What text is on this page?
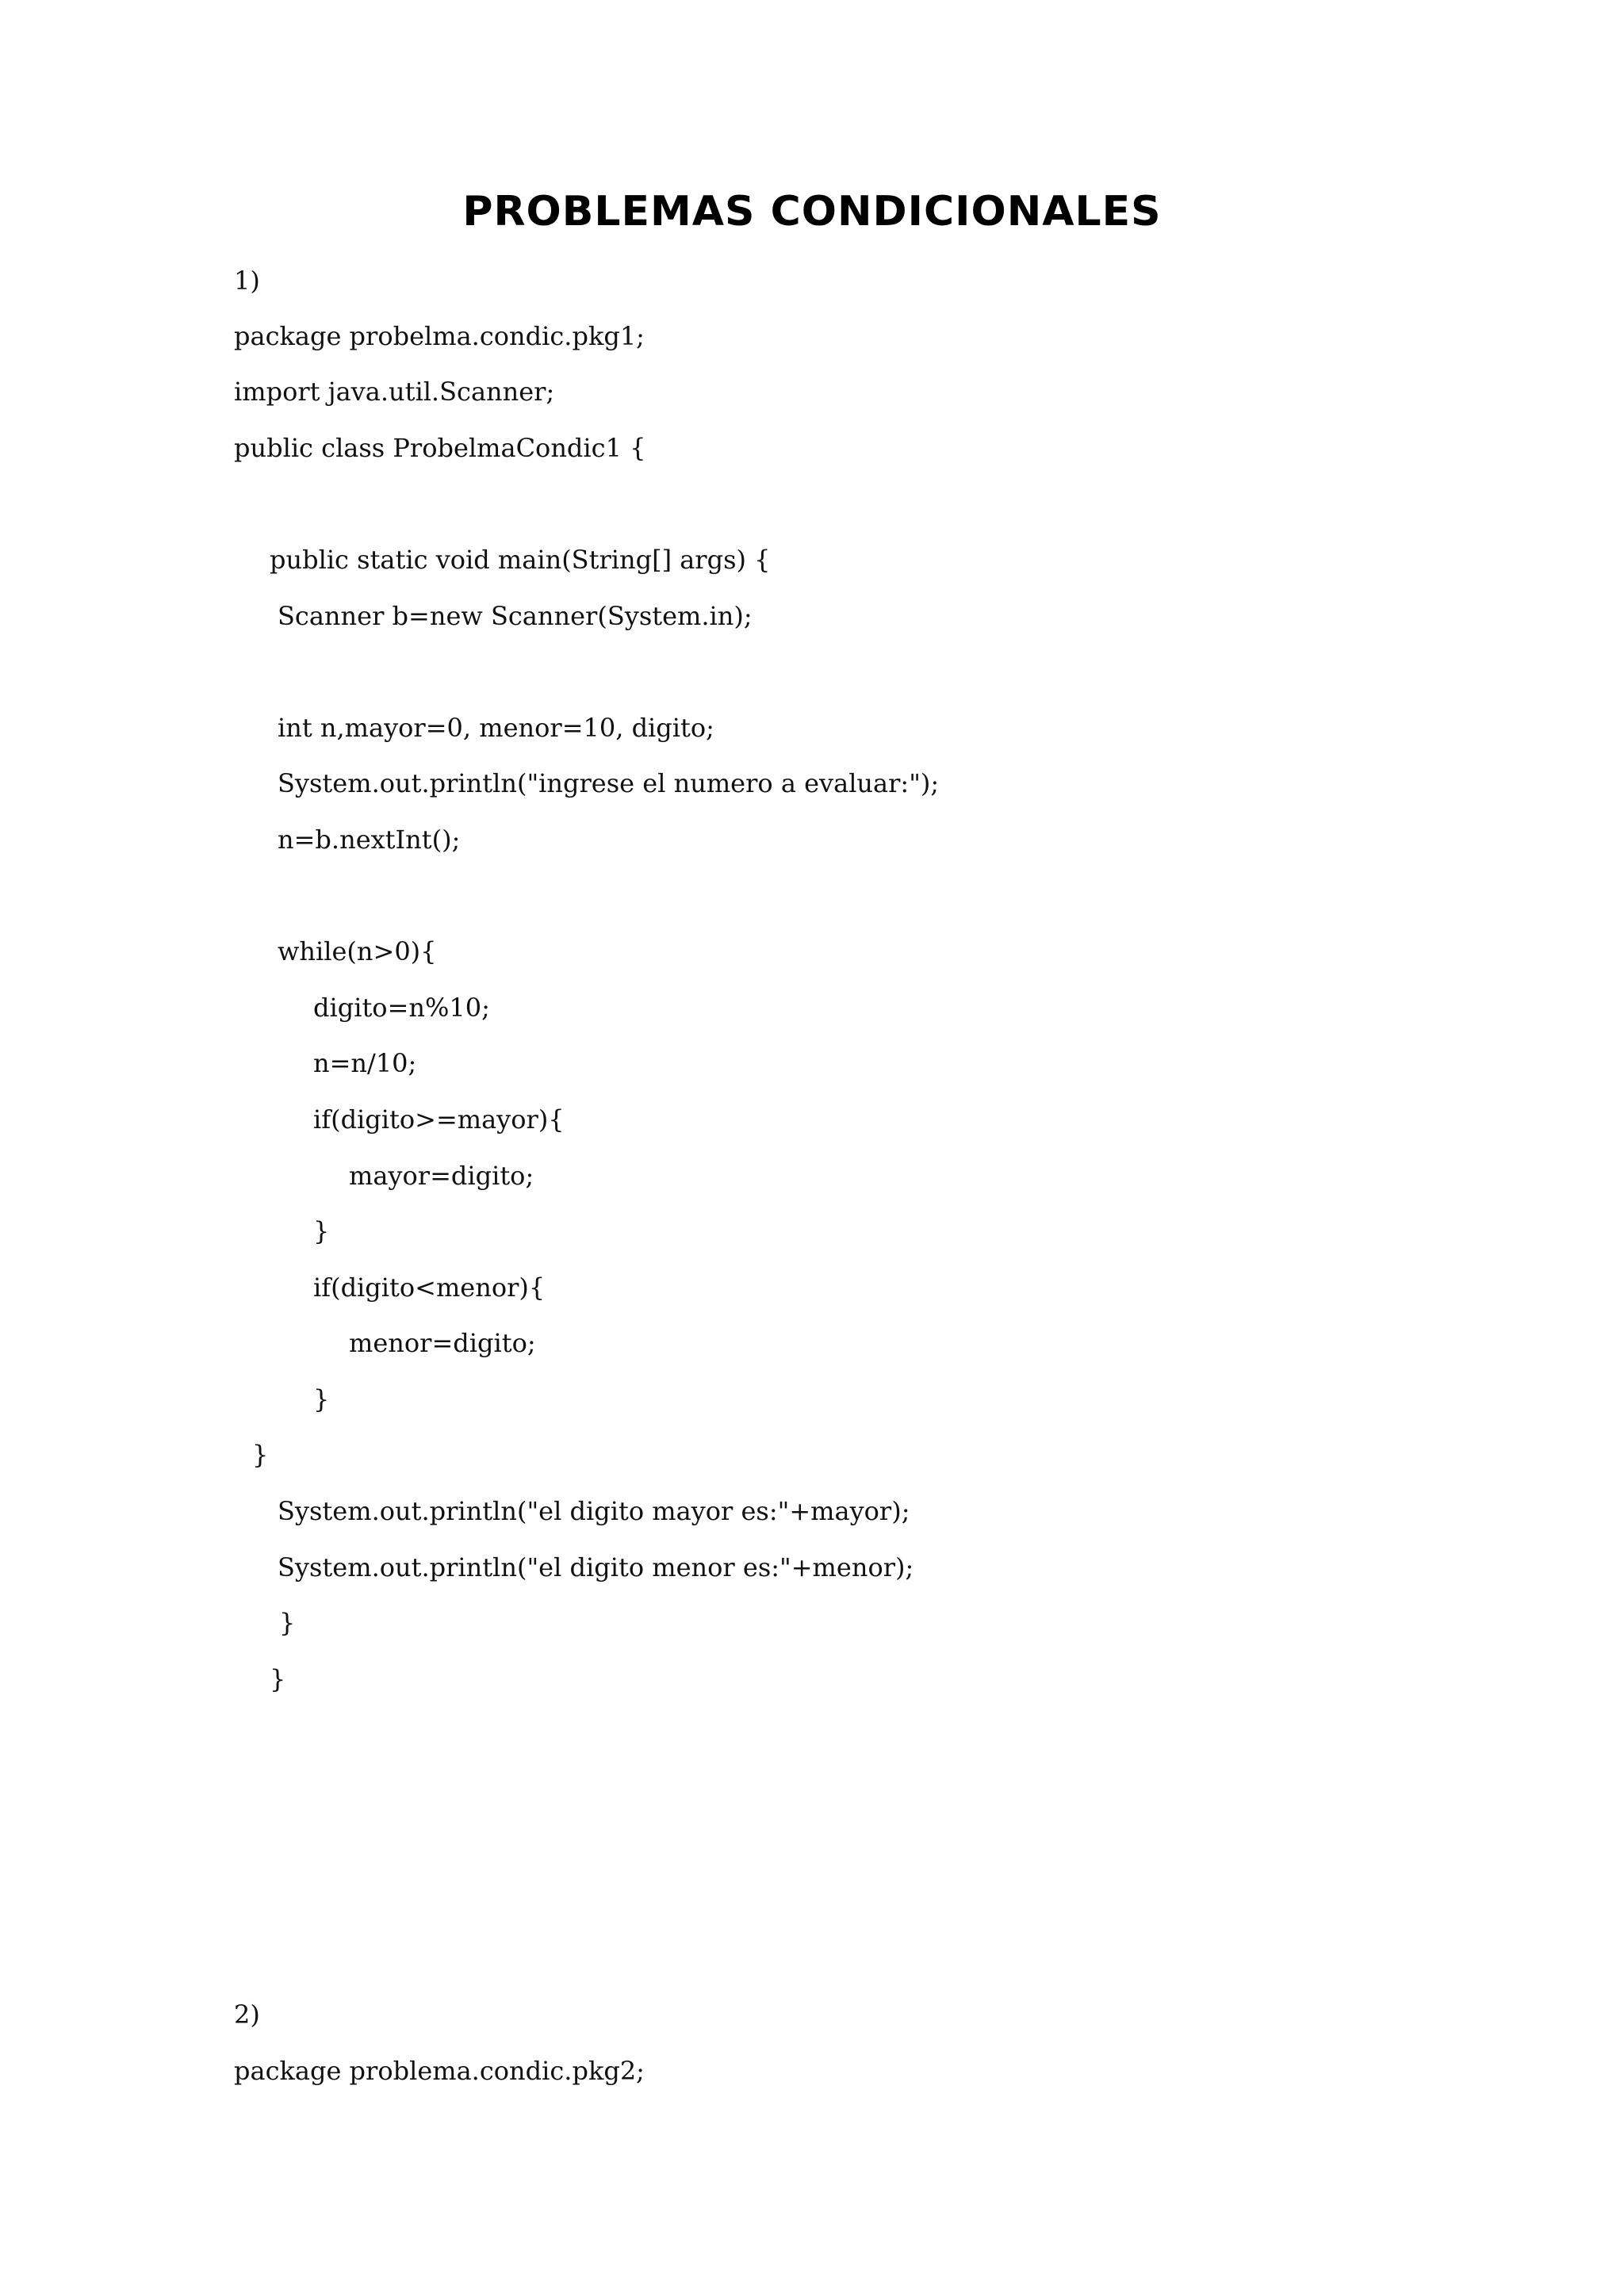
PROBLEMAS CONDICIONALES
1)
package probelma.condic.pkg1;
import java.util.Scanner;
public class ProbelmaCondic1 {
public static void main(String[] args) {
Scanner b=new Scanner(System.in);
int n,mayor=0, menor=10, digito;
System.out.println("ingrese el numero a evaluar:");
n=b.nextInt();
while(n>0){
digito=n%10;
n=n/10;
if(digito>=mayor){
mayor=digito;
}
if(digito<menor){
menor=digito;
}
}
System.out.println("el digito mayor es:"+mayor);
System.out.println("el digito menor es:"+menor);
}
}
2)
package problema.condic.pkg2;
